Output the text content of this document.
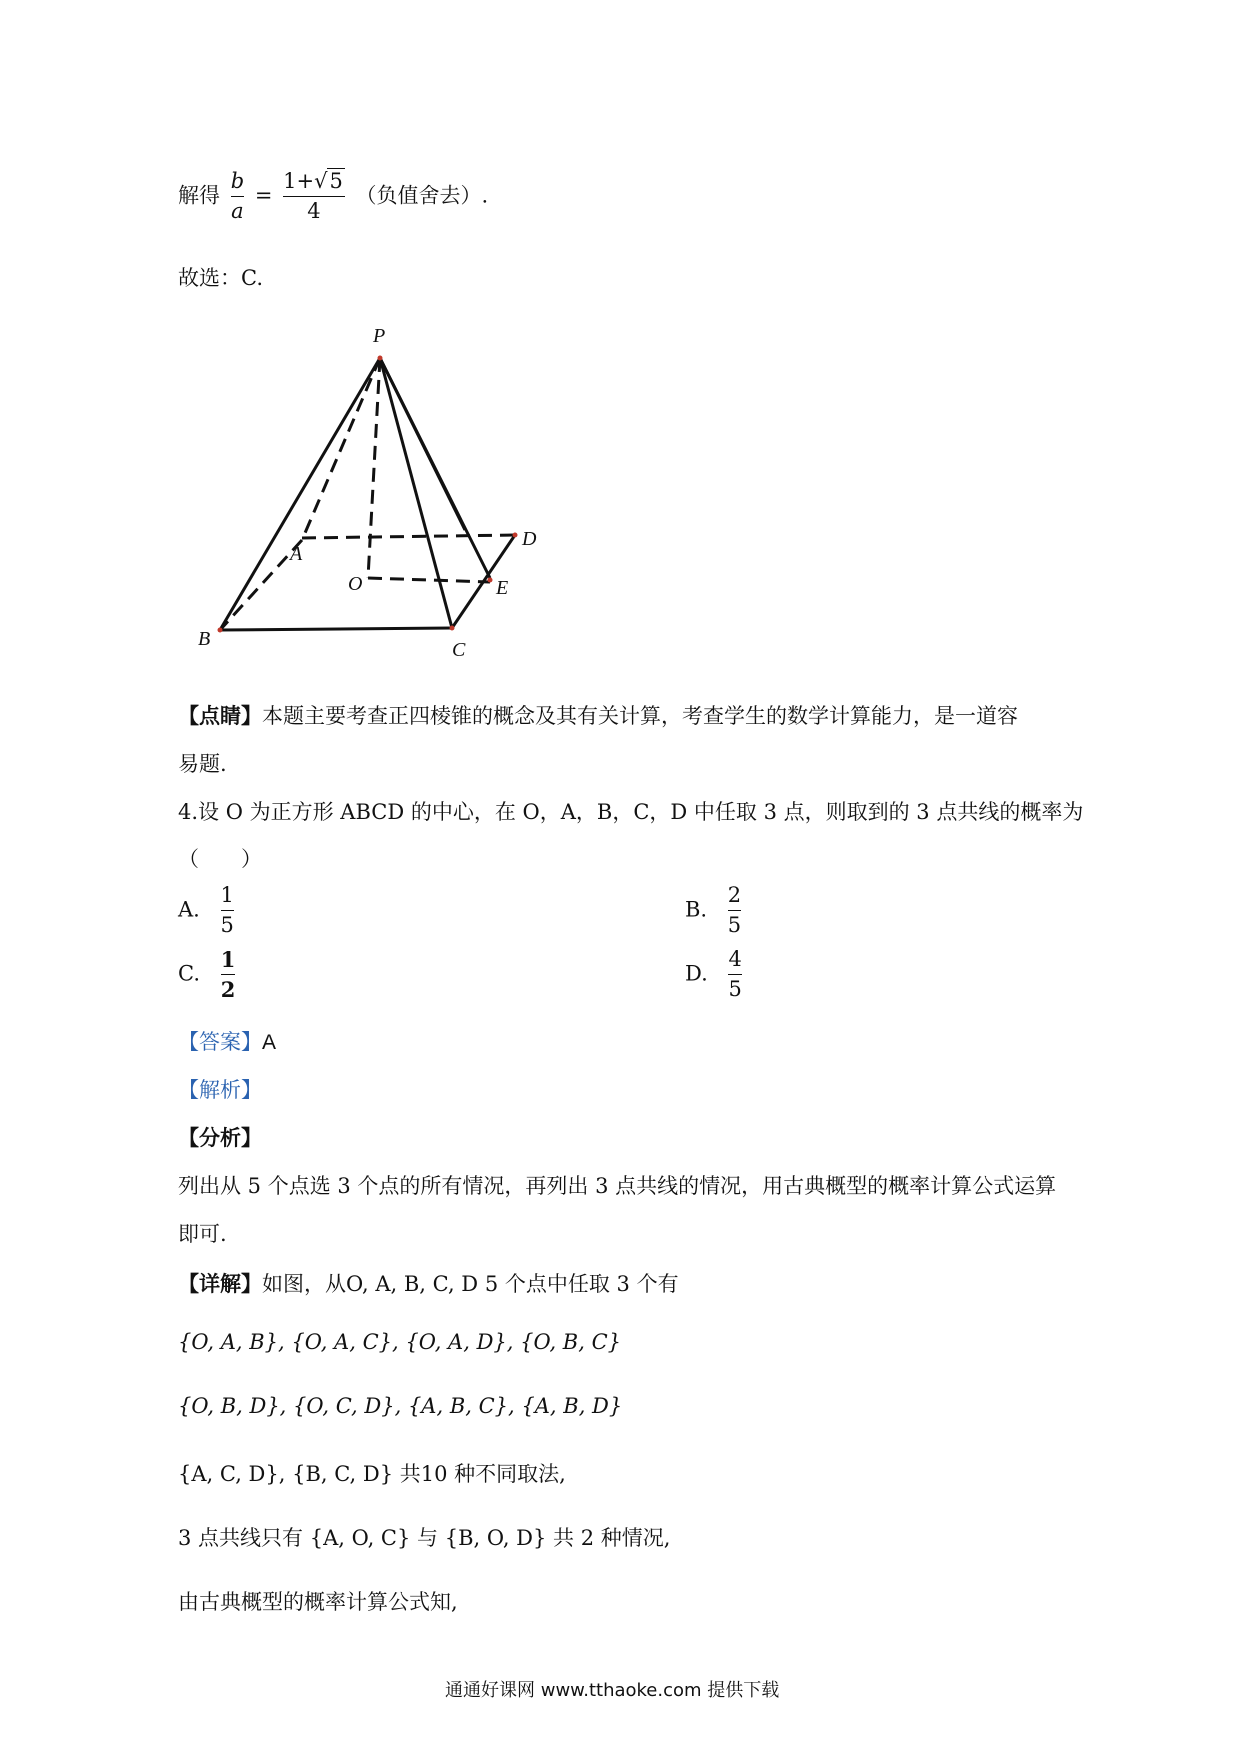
解得 $\frac{b}{a} = \frac{1+√5}{4}$ （负值舍去）.
故选：C.
P
A
B	C
D
O	E
【点睛】本题主要考查正四棱锥的概念及其有关计算，考查学生的数学计算能力，是一道容
易题.
4.设 O 为正方形 ABCD 的中心，在 O，A，B，C，D 中任取 3 点，则取到的 3 点共线的概率为
（　　）
A. $\frac{1}{5}$	B. $\frac{2}{5}$
C. $\frac{1}{2}$	D. $\frac{4}{5}$
【答案】A
【解析】
【分析】
列出从 5 个点选 3 个点的所有情况，再列出 3 点共线的情况，用古典概型的概率计算公式运算
即可.
【详解】如图，从O, A, B, C, D 5 个点中任取 3 个有
{O, A, B}, {O, A, C}, {O, A, D}, {O, B, C}
{O, B, D}, {O, C, D}, {A, B, C}, {A, B, D}
{A, C, D}, {B, C, D} 共10 种不同取法,
3 点共线只有 {A, O, C} 与 {B, O, D} 共 2 种情况,
由古典概型的概率计算公式知,
通通好课网 www.tthaoke.com 提供下载
